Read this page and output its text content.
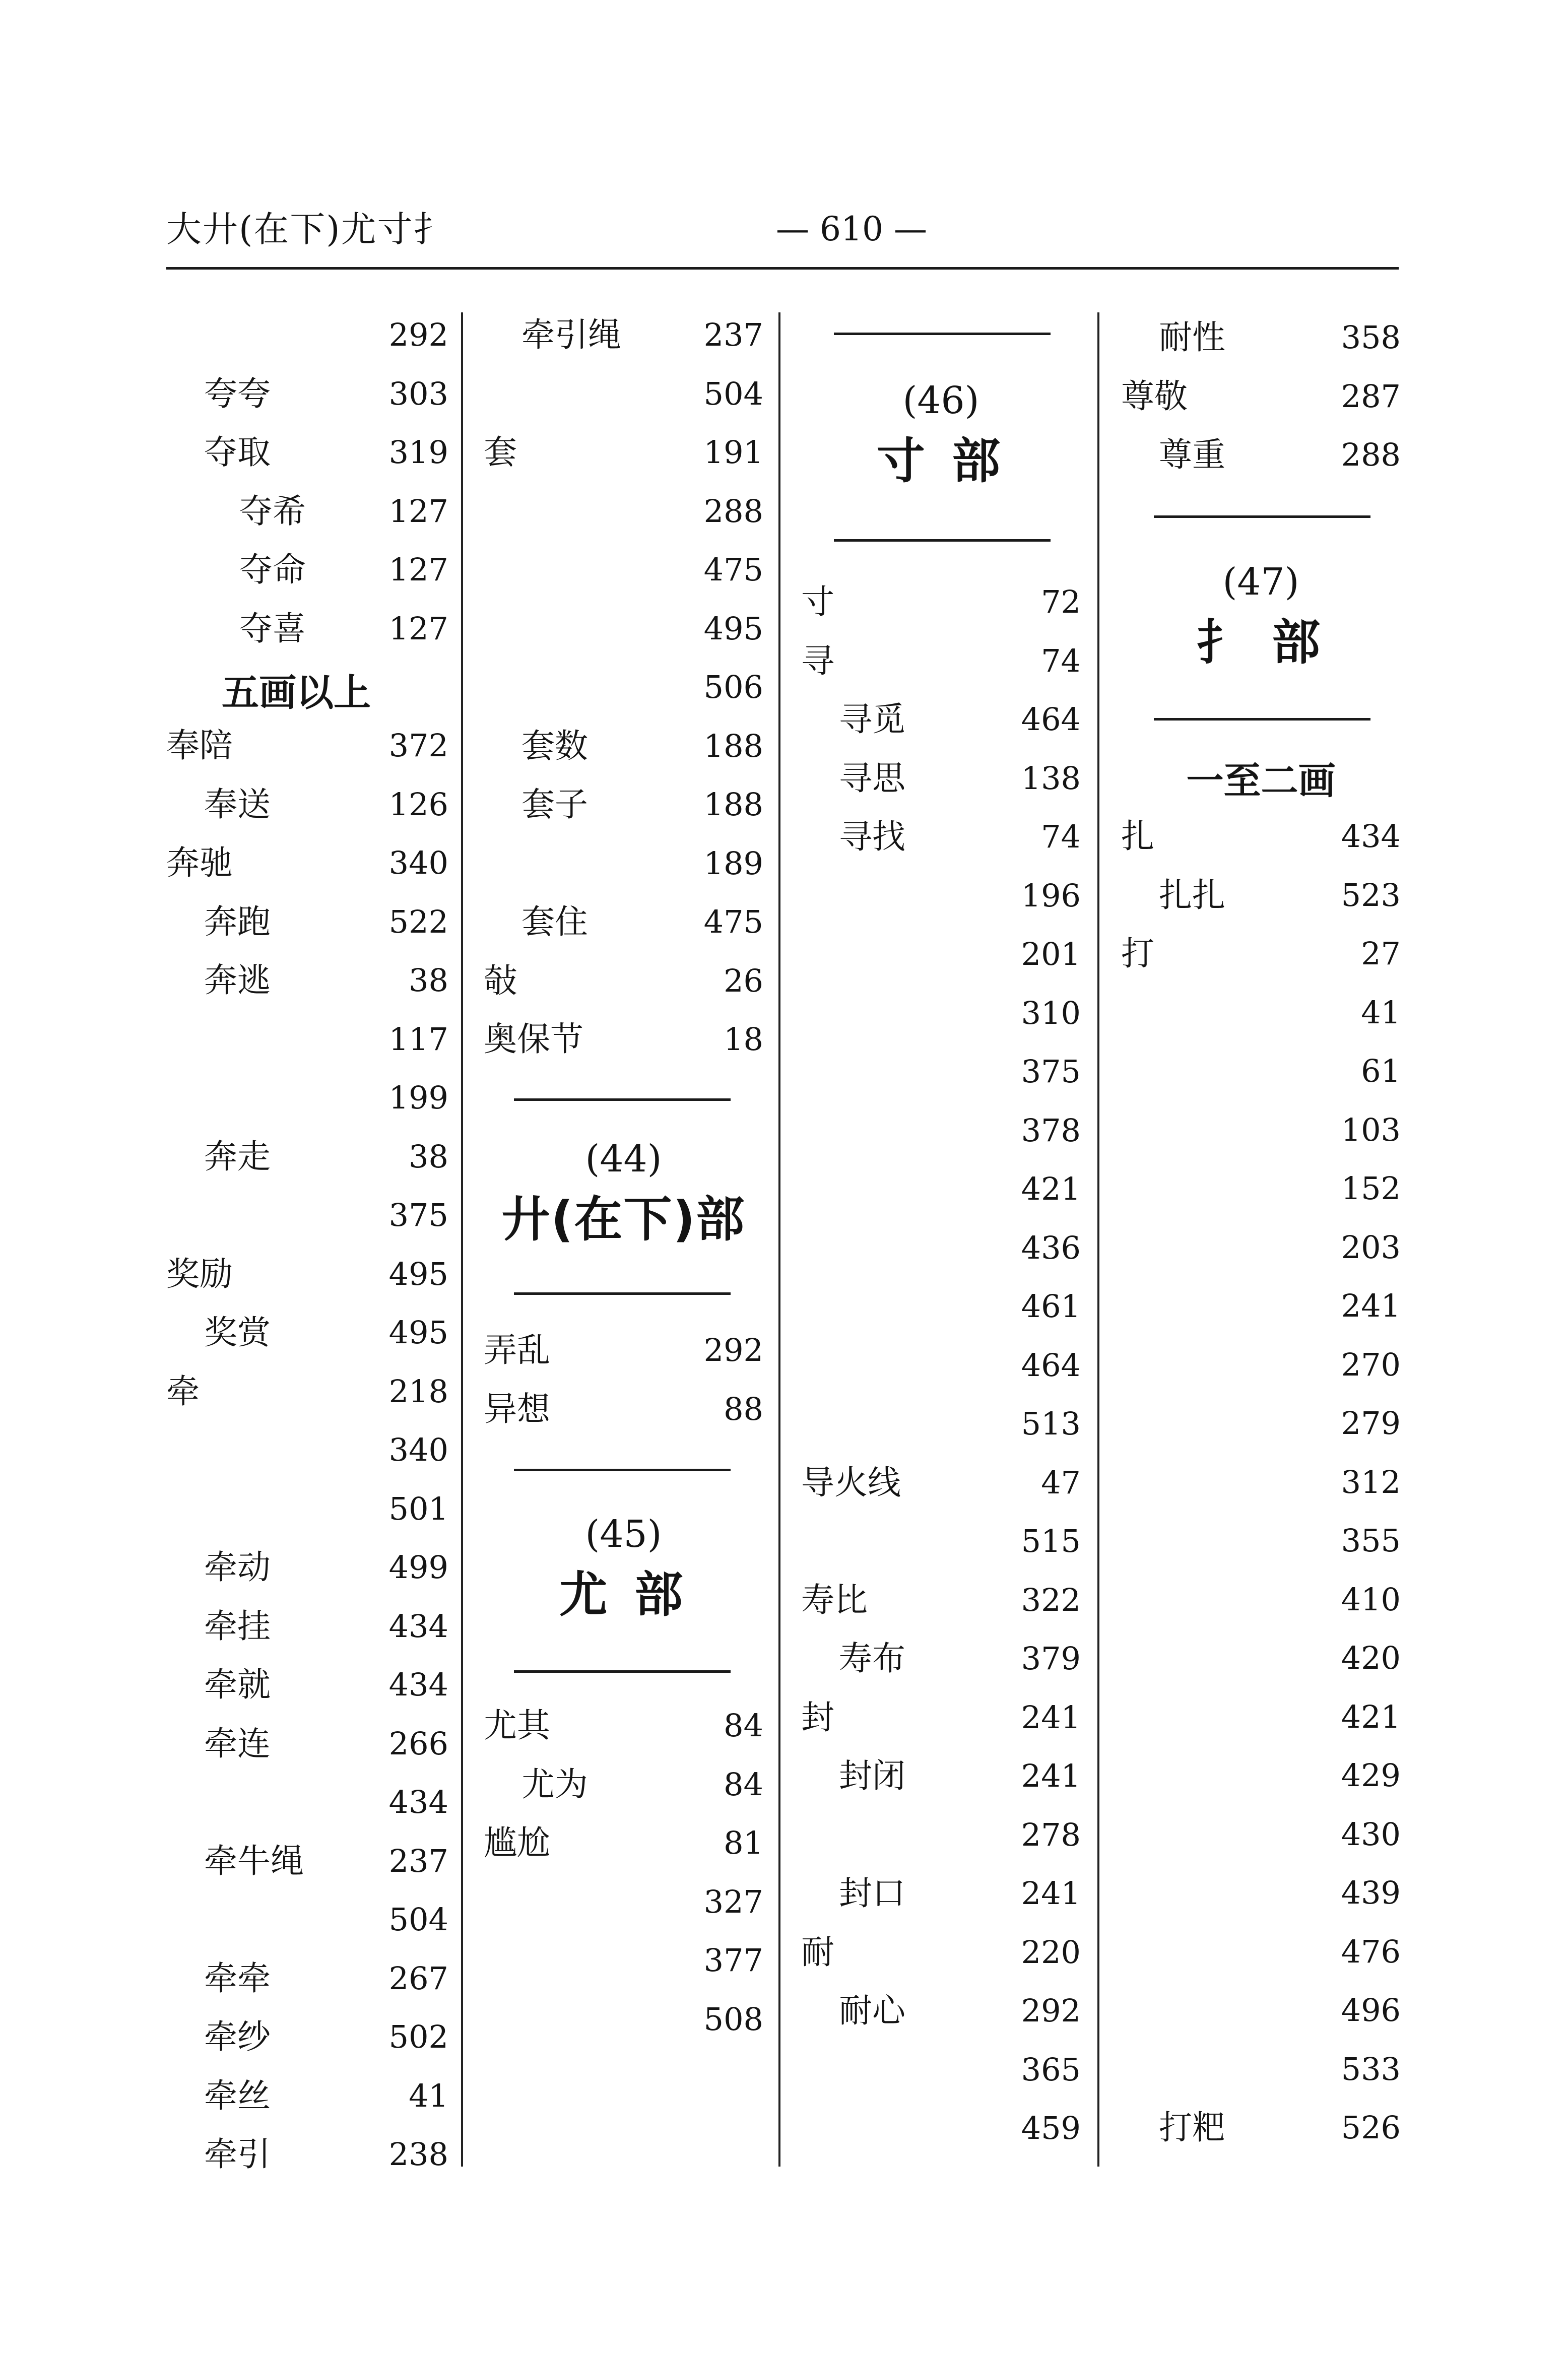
大廾(在下)尤寸扌	— 610 —
五画以上
292
夸夸	303
夺取	319
夺希	127
夺命	127
夺喜	127
奉陪	372
奉送	126
奔驰	340
奔跑	522
奔逃	38
117
199
奔走	38
375
奖励	495
奖赏	495
牵	218
340
501
牵动	499
牵挂	434
牵就	434
牵连	266
434
牵牛绳	237
504
牵牵	267
牵纱	502
牵丝	41
牵引	238
(44)
廾(在下)部
(45)
尤 部
牵引绳	237
504
套	191
288
475
495
506
套数	188
套子	188
189
套住	475
敧	26
奥保节	18
弄乱	292
异想	88
尤其	84
尤为	84
尴尬	81
327
377
508
(46)
寸 部
寸	72
寻	74
寻觅	464
寻思	138
寻找	74
196
201
310
375
378
421
436
461
464
513
导火线	47
515
寿比	322
寿布	379
封	241
封闭	241
278
封口	241
耐	220
耐心	292
365
459
(47)
扌 部
一至二画
耐性	358
尊敬	287
尊重	288
扎	434
扎扎	523
打	27
41
61
103
152
203
241
270
279
312
355
410
420
421
429
430
439
476
496
533
打粑	526
